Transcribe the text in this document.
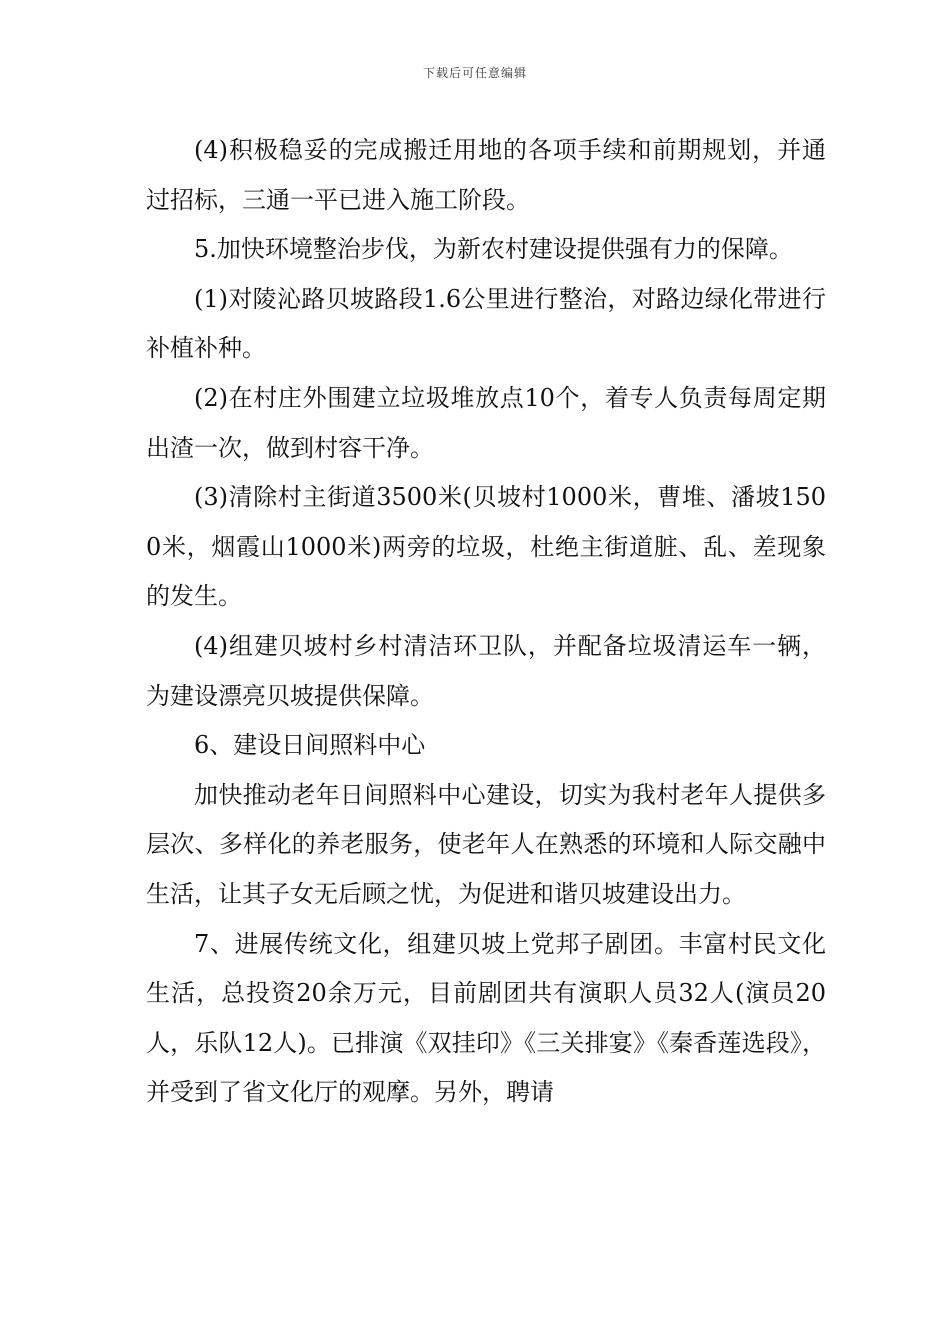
下载后可任意编辑

(4)积极稳妥的完成搬迁用地的各项手续和前期规划，并通过招标，三通一平已进入施工阶段。

5.加快环境整治步伐，为新农村建设提供强有力的保障。

(1)对陵沁路贝坡路段1.6公里进行整治，对路边绿化带进行补植补种。

(2)在村庄外围建立垃圾堆放点10个，着专人负责每周定期出渣一次，做到村容干净。

(3)清除村主街道3500米(贝坡村1000米，曹堆、潘坡1500米，烟霞山1000米)两旁的垃圾，杜绝主街道脏、乱、差现象的发生。

(4)组建贝坡村乡村清洁环卫队，并配备垃圾清运车一辆，为建设漂亮贝坡提供保障。

6、建设日间照料中心

加快推动老年日间照料中心建设，切实为我村老年人提供多层次、多样化的养老服务，使老年人在熟悉的环境和人际交融中生活，让其子女无后顾之忧，为促进和谐贝坡建设出力。

7、进展传统文化，组建贝坡上党邦子剧团。丰富村民文化生活，总投资20余万元，目前剧团共有演职人员32人(演员20人，乐队12人)。已排演《双挂印》《三关排宴》《秦香莲选段》，并受到了省文化厅的观摩。另外，聘请
